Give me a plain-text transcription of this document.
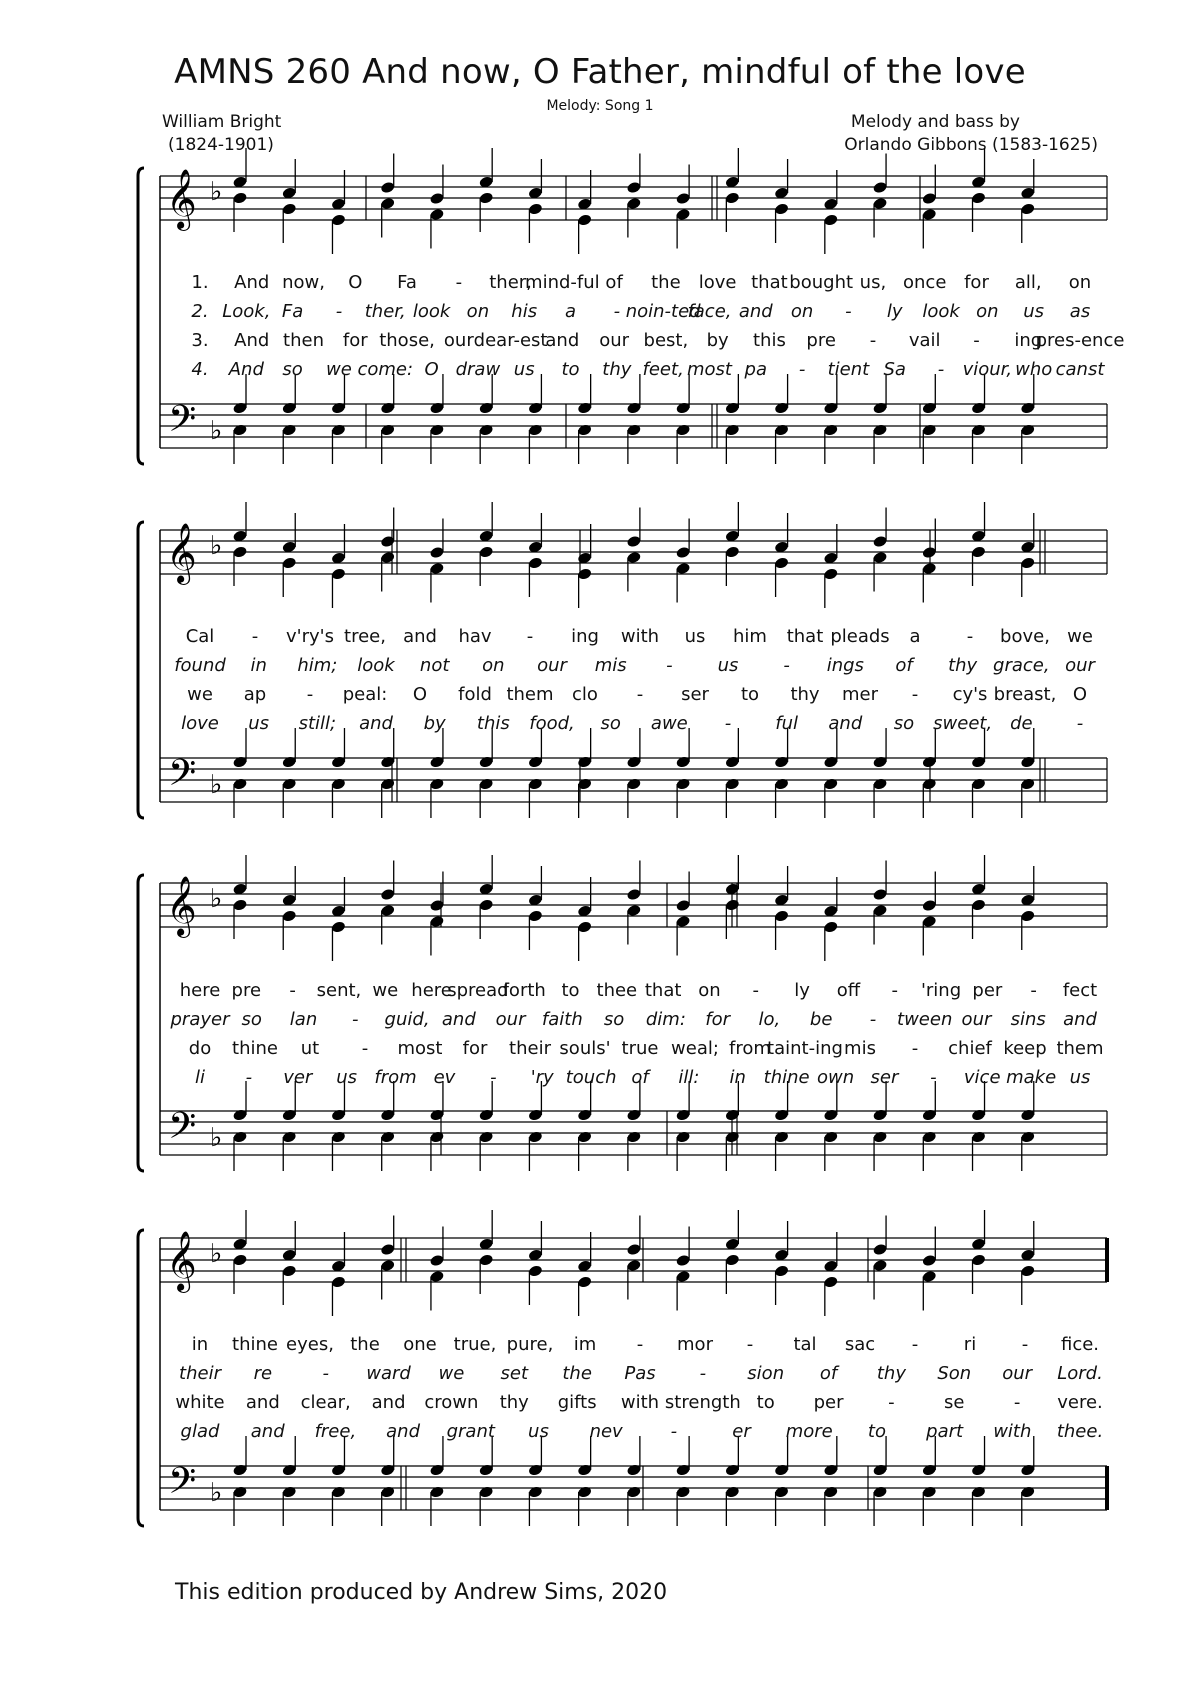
AMNS 260 And now, O Father, mindful of the love
Melody: Song 1
William Bright
(1824-1901)
Melody and bass by
Orlando Gibbons (1583-1625)
𝄞
𝄢
♭
♭
𝄞
𝄢
♭
♭
𝄞
𝄢
♭
♭
𝄞
𝄢
♭
♭
1. And now, O Fa - ther,
mind-ful of the love that bought us, once for all, on
2. Look, Fa - ther, look on his a - noin-ted
face, and on - ly look on us as
3. And then for those, our dear-est
and our best, by this pre - vail - ing
pres-ence
4. And so we come: O draw us to thy feet, most pa - tient Sa - viour, who canst
Cal - v'ry's tree, and hav - ing with us him that pleads a	- bove, we
found in him; look not on our mis -	us	- ings of thy grace, our
we ap - peal: O fold them clo - ser to thy mer - cy's breast, O
love us still; and by this food, so awe - ful and so sweet, de -
here pre - sent, we here
spread
forth to thee that on - ly off - 'ring per - fect
prayer so lan - guid, and our faith so dim: for lo, be - tween our sins and
do thine ut - most for their souls' true weal; from
taint-ing mis - chief keep them
li - ver us from ev - 'ry touch of ill: in thine own ser - vice make us
in thine eyes, the one true, pure, im - mor - tal sac -	ri	- fice.
their re	- ward we set the Pas - sion of thy Son our Lord.
white and clear, and crown thy gifts with strength to per -	se	- vere.
glad and free, and grant us nev	-	er more to part with thee.
This edition produced by Andrew Sims, 2020
